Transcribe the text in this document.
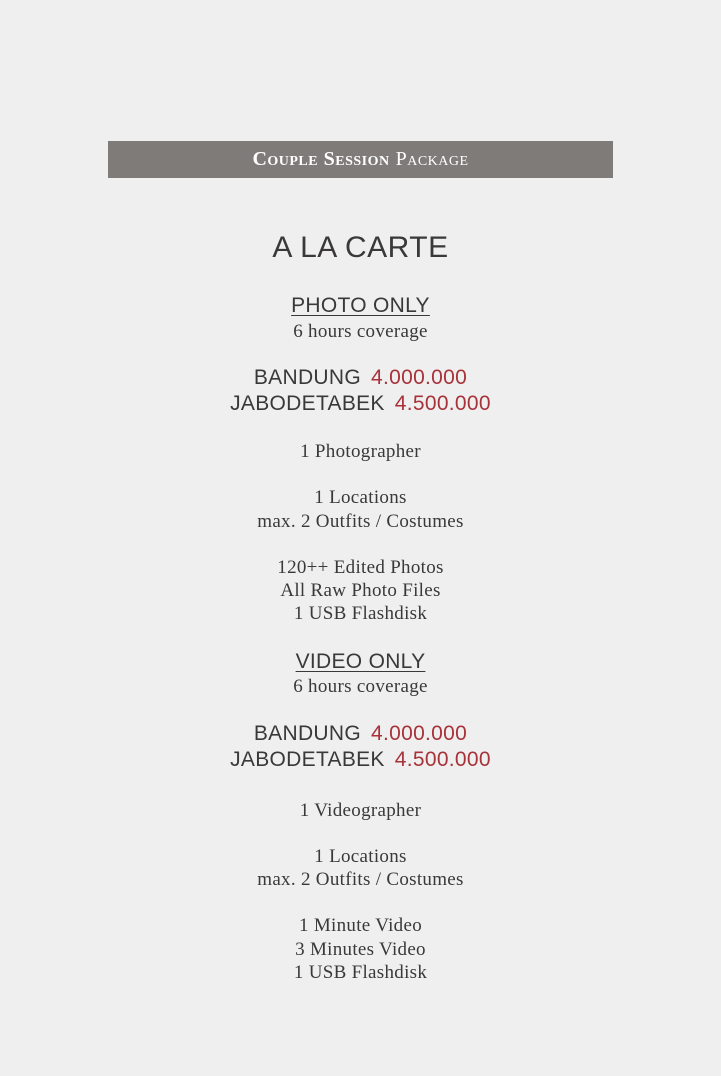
Couple Session Package
A LA CARTE
PHOTO ONLY
6 hours coverage
BANDUNG 4.000.000
JABODETABEK 4.500.000
1 Photographer
1 Locations
max. 2 Outfits / Costumes
120++ Edited Photos
All Raw Photo Files
1 USB Flashdisk
VIDEO ONLY
6 hours coverage
BANDUNG 4.000.000
JABODETABEK 4.500.000
1 Videographer
1 Locations
max. 2 Outfits / Costumes
1 Minute Video
3 Minutes Video
1 USB Flashdisk
